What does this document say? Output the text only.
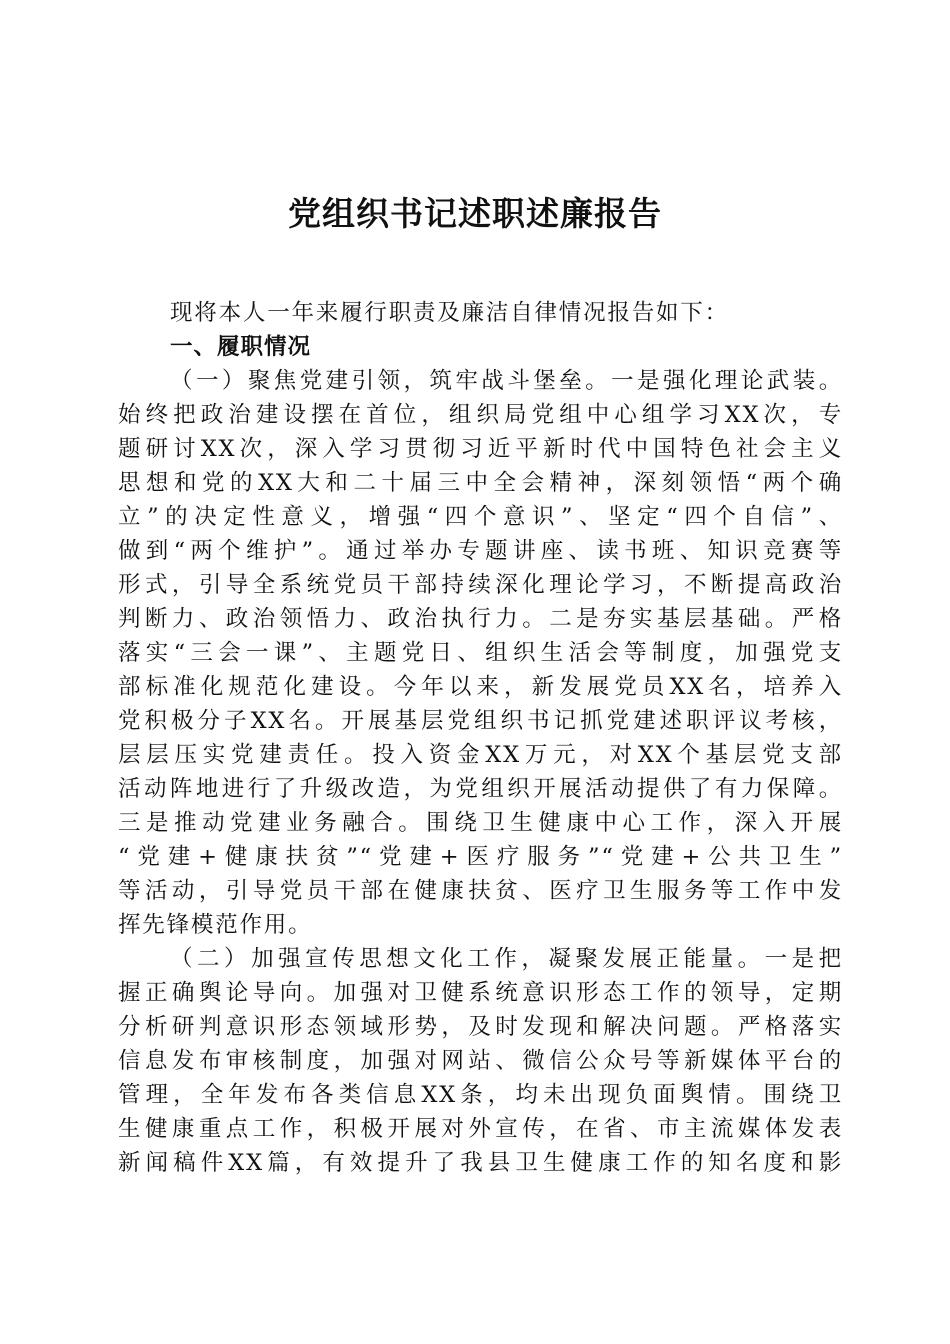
党组织书记述职述廉报告
现将本人一年来履行职责及廉洁自律情况报告如下：
一、履职情况
（一）聚焦党建引领，筑牢战斗堡垒。一是强化理论武装。
始终把政治建设摆在首位，组织局党组中心组学习XX次，专
题研讨XX次，深入学习贯彻习近平新时代中国特色社会主义
思想和党的XX大和二十届三中全会精神，深刻领悟“两个确
立”的决定性意义，增强“四个意识”、坚定“四个自信”、
做到“两个维护”。通过举办专题讲座、读书班、知识竞赛等
形式，引导全系统党员干部持续深化理论学习，不断提高政治
判断力、政治领悟力、政治执行力。二是夯实基层基础。严格
落实“三会一课”、主题党日、组织生活会等制度，加强党支
部标准化规范化建设。今年以来，新发展党员XX名，培养入
党积极分子XX名。开展基层党组织书记抓党建述职评议考核，
层层压实党建责任。投入资金XX万元，对XX个基层党支部
活动阵地进行了升级改造，为党组织开展活动提供了有力保障。
三是推动党建业务融合。围绕卫生健康中心工作，深入开展
“党建+健康扶贫”“党建+医疗服务”“党建+公共卫生”
等活动，引导党员干部在健康扶贫、医疗卫生服务等工作中发
挥先锋模范作用。
（二）加强宣传思想文化工作，凝聚发展正能量。一是把
握正确舆论导向。加强对卫健系统意识形态工作的领导，定期
分析研判意识形态领域形势，及时发现和解决问题。严格落实
信息发布审核制度，加强对网站、微信公众号等新媒体平台的
管理，全年发布各类信息XX条，均未出现负面舆情。围绕卫
生健康重点工作，积极开展对外宣传，在省、市主流媒体发表
新闻稿件XX篇，有效提升了我县卫生健康工作的知名度和影
